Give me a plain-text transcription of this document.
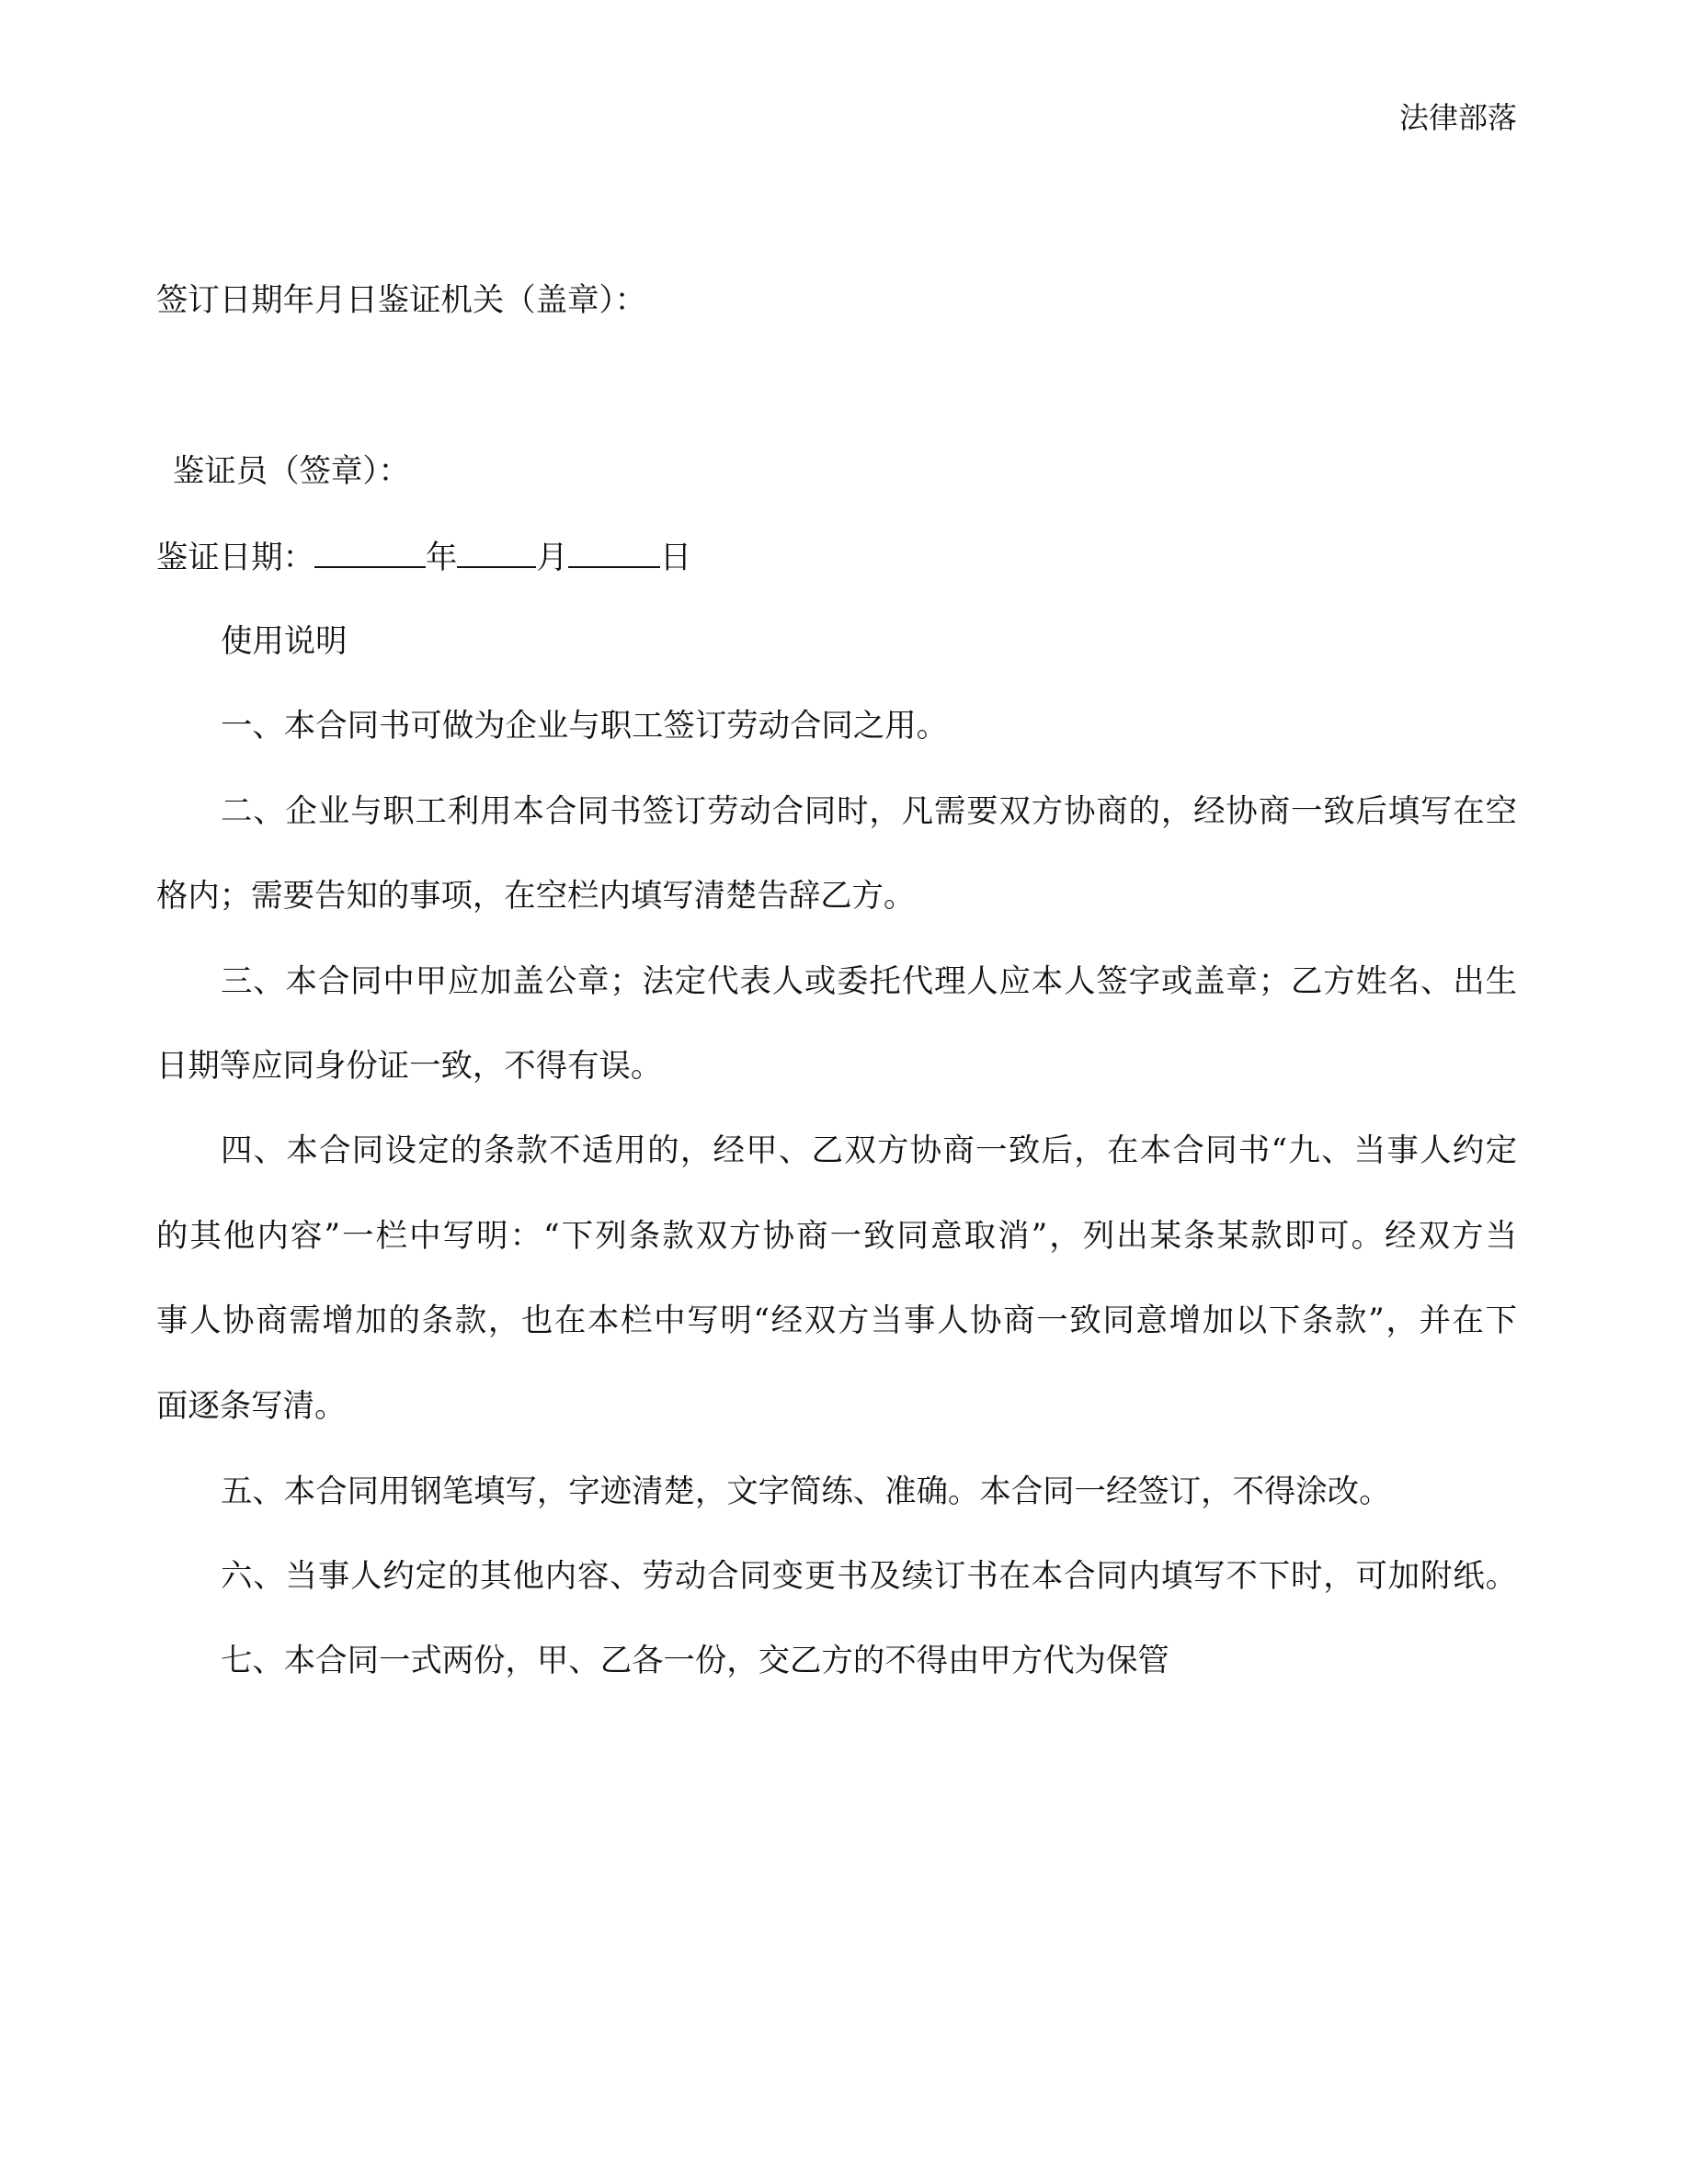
法律部落
签订日期年月日鉴证机关（盖章）：
鉴证员（签章）：
鉴证日期：	年	月	日
使用说明
一、本合同书可做为企业与职工签订劳动合同之用。
二、企业与职工利用本合同书签订劳动合同时，凡需要双方协商的，经协商一致后填写在空
格内；需要告知的事项，在空栏内填写清楚告辞乙方。
三、本合同中甲应加盖公章；法定代表人或委托代理人应本人签字或盖章；乙方姓名、出生
日期等应同身份证一致，不得有误。
四、本合同设定的条款不适用的，经甲、乙双方协商一致后，在本合同书“九、当事人约定
的其他内容”一栏中写明：“下列条款双方协商一致同意取消”，列出某条某款即可。经双方当
事人协商需增加的条款，也在本栏中写明“经双方当事人协商一致同意增加以下条款”，并在下
面逐条写清。
五、本合同用钢笔填写，字迹清楚，文字简练、准确。本合同一经签订，不得涂改。
六、当事人约定的其他内容、劳动合同变更书及续订书在本合同内填写不下时，可加附纸。
七、本合同一式两份，甲、乙各一份，交乙方的不得由甲方代为保管
